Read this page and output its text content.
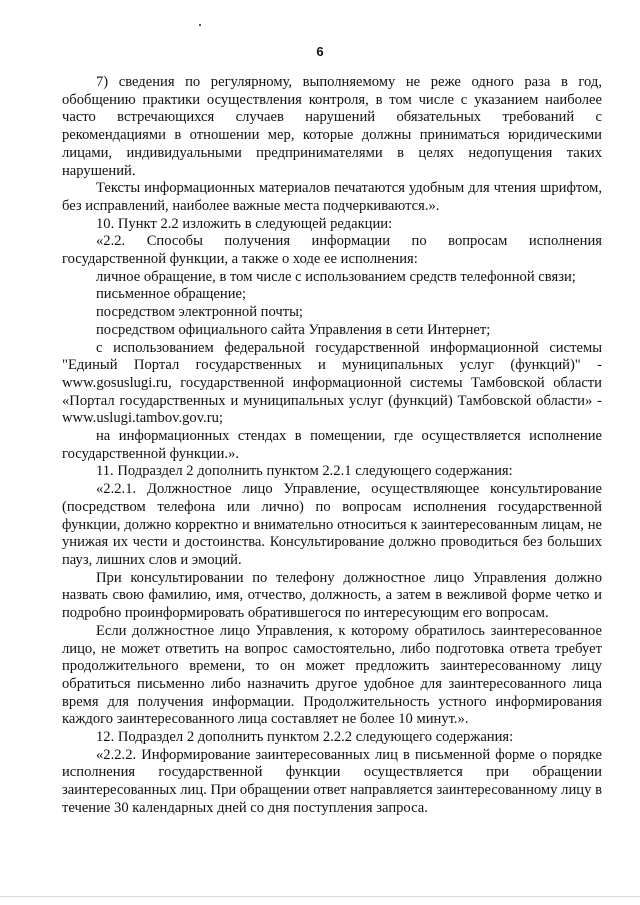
6

7) сведения по регулярному, выполняемому не реже одного раза в год, обобщению практики осуществления контроля, в том числе с указанием наиболее часто встречающихся случаев нарушений обязательных требований с рекомендациями в отношении мер, которые должны приниматься юридическими лицами, индивидуальными предпринимателями в целях недопущения таких нарушений.

Тексты информационных материалов печатаются удобным для чтения шрифтом, без исправлений, наиболее важные места подчеркиваются.».

10. Пункт 2.2 изложить в следующей редакции:

«2.2. Способы получения информации по вопросам исполнения государственной функции, а также о ходе ее исполнения:

личное обращение, в том числе с использованием средств телефонной связи;

письменное обращение;

посредством электронной почты;

посредством официального сайта Управления в сети Интернет;

с использованием федеральной государственной информационной системы "Единый Портал государственных и муниципальных услуг (функций)" - www.gosuslugi.ru, государственной информационной системы Тамбовской области «Портал государственных и муниципальных услуг (функций) Тамбовской области» - www.uslugi.tambov.gov.ru;

на информационных стендах в помещении, где осуществляется исполнение государственной функции.».

11. Подраздел 2 дополнить пунктом 2.2.1 следующего содержания:

«2.2.1. Должностное лицо Управление, осуществляющее консультирование (посредством телефона или лично) по вопросам исполнения государственной функции, должно корректно и внимательно относиться к заинтересованным лицам, не унижая их чести и достоинства. Консультирование должно проводиться без больших пауз, лишних слов и эмоций.

При консультировании по телефону должностное лицо Управления должно назвать свою фамилию, имя, отчество, должность, а затем в вежливой форме четко и подробно проинформировать обратившегося по интересующим его вопросам.

Если должностное лицо Управления, к которому обратилось заинтересованное лицо, не может ответить на вопрос самостоятельно, либо подготовка ответа требует продолжительного времени, то он может предложить заинтересованному лицу обратиться письменно либо назначить другое удобное для заинтересованного лица время для получения информации. Продолжительность устного информирования каждого заинтересованного лица составляет не более 10 минут.».

12. Подраздел 2 дополнить пунктом 2.2.2 следующего содержания:

«2.2.2. Информирование заинтересованных лиц в письменной форме о порядке исполнения государственной функции осуществляется при обращении заинтересованных лиц. При обращении ответ направляется заинтересованному лицу в течение 30 календарных дней со дня поступления запроса.
